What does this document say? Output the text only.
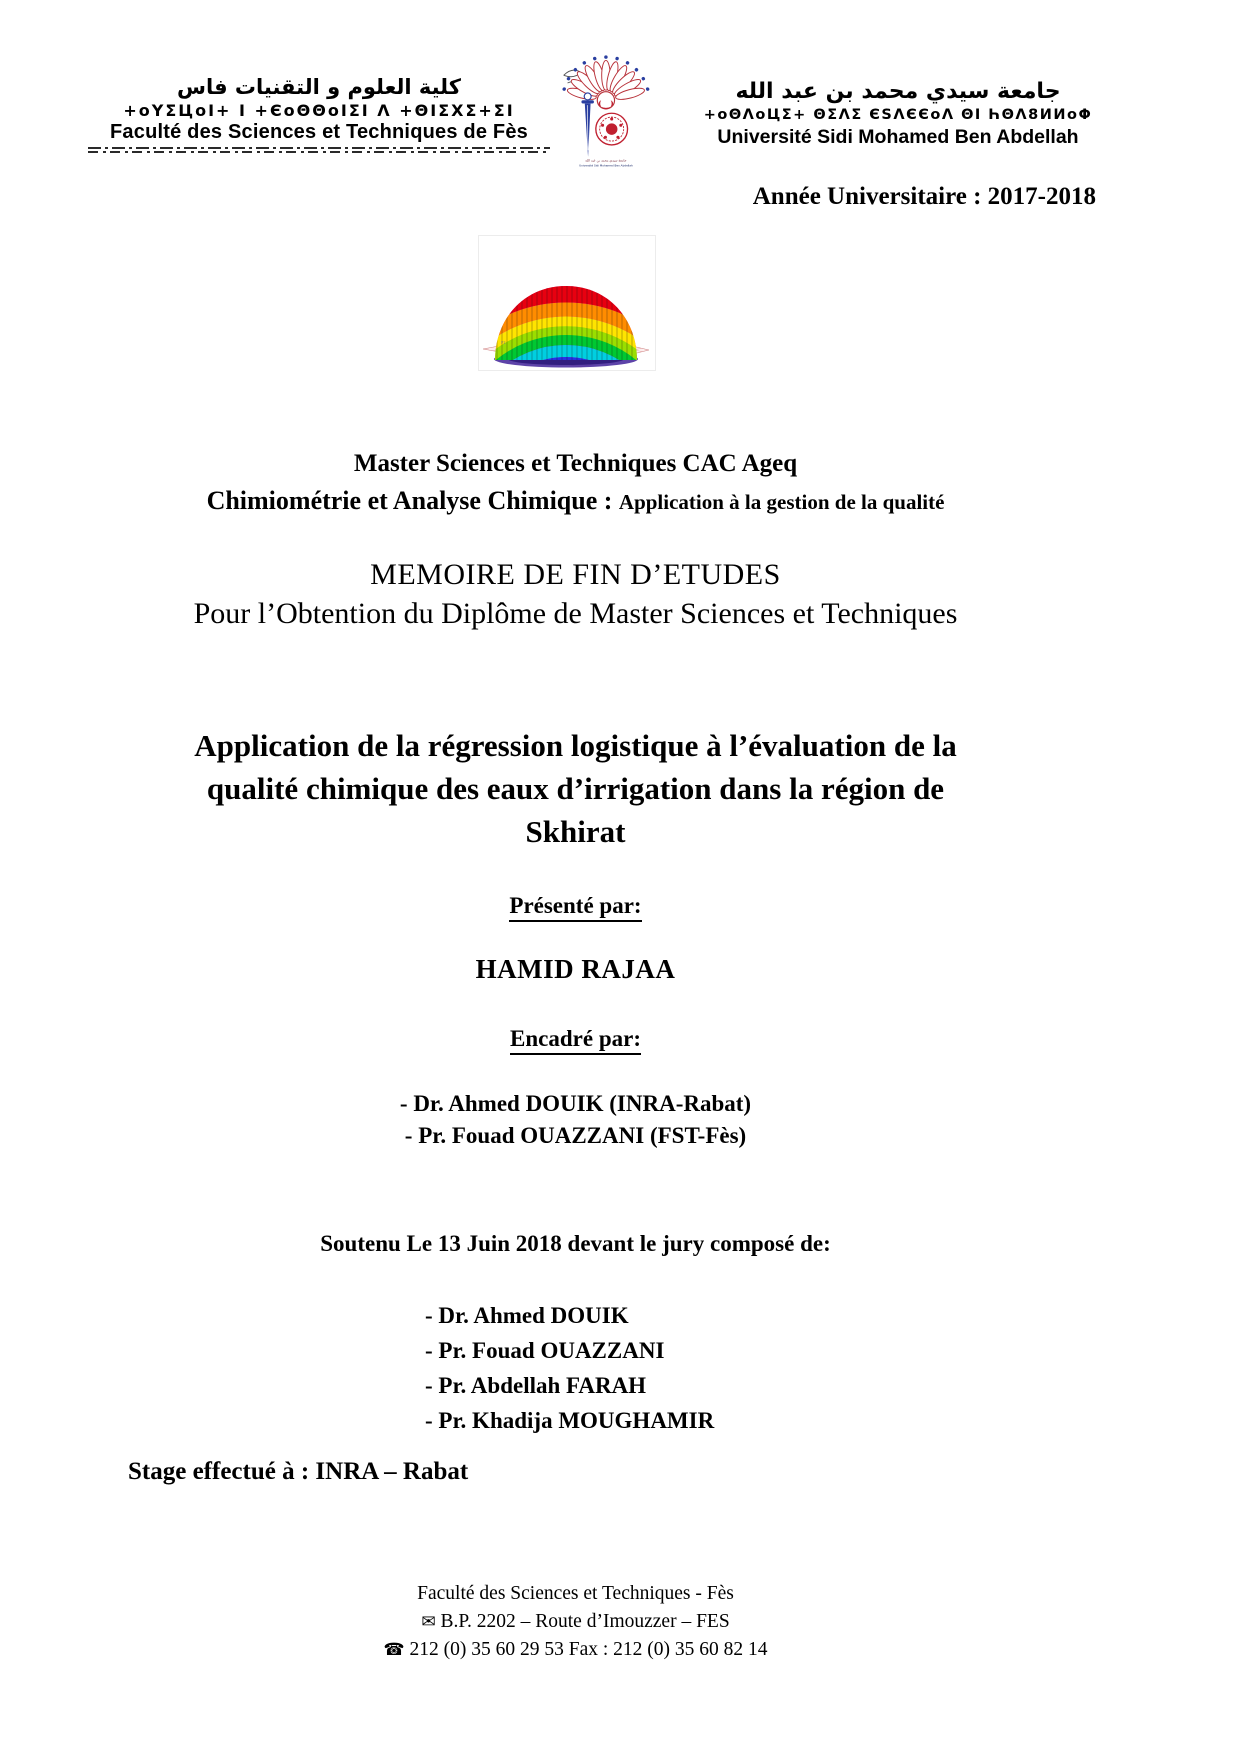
كلية العلوم و التقنيات فاس
+oΥΣЦoΙ+ Ι +ЄoΘΘoΙΣΙ Λ +ΘΙΣΧΣ+ΣΙ
Faculté des Sciences et Techniques de Fès
جامعة سيدي محمد بن عبد الله
Université Sidi Mohamed Ben Abdellah
جامعة سيدي محمد بن عبد الله
+oΘΛoЦΣ+ ΘΣΛΣ ЄSΛЄЄoΛ ΘΙ ҺΘΛ8ИИoΦ
Université Sidi Mohamed Ben Abdellah
Année Universitaire : 2017-2018
P2
Master Sciences et Techniques CAC Ageq
Chimiométrie et Analyse Chimique : Application à la gestion de la qualité
MEMOIRE DE FIN D’ETUDES
Pour l’Obtention du Diplôme de Master Sciences et Techniques
Application de la régression logistique à l’évaluation de la
qualité chimique des eaux d’irrigation dans la région de
Skhirat
Présenté par:
HAMID RAJAA
Encadré par:
- Dr. Ahmed DOUIK (INRA-Rabat)
- Pr. Fouad OUAZZANI (FST-Fès)
Soutenu Le 13 Juin 2018 devant le jury composé de:
- Dr. Ahmed DOUIK
- Pr. Fouad OUAZZANI
- Pr. Abdellah FARAH
- Pr. Khadija MOUGHAMIR
Stage effectué à : INRA – Rabat
Faculté des Sciences et Techniques - Fès
✉ B.P. 2202 – Route d’Imouzzer – FES
☎ 212 (0) 35 60 29 53 Fax : 212 (0) 35 60 82 14
